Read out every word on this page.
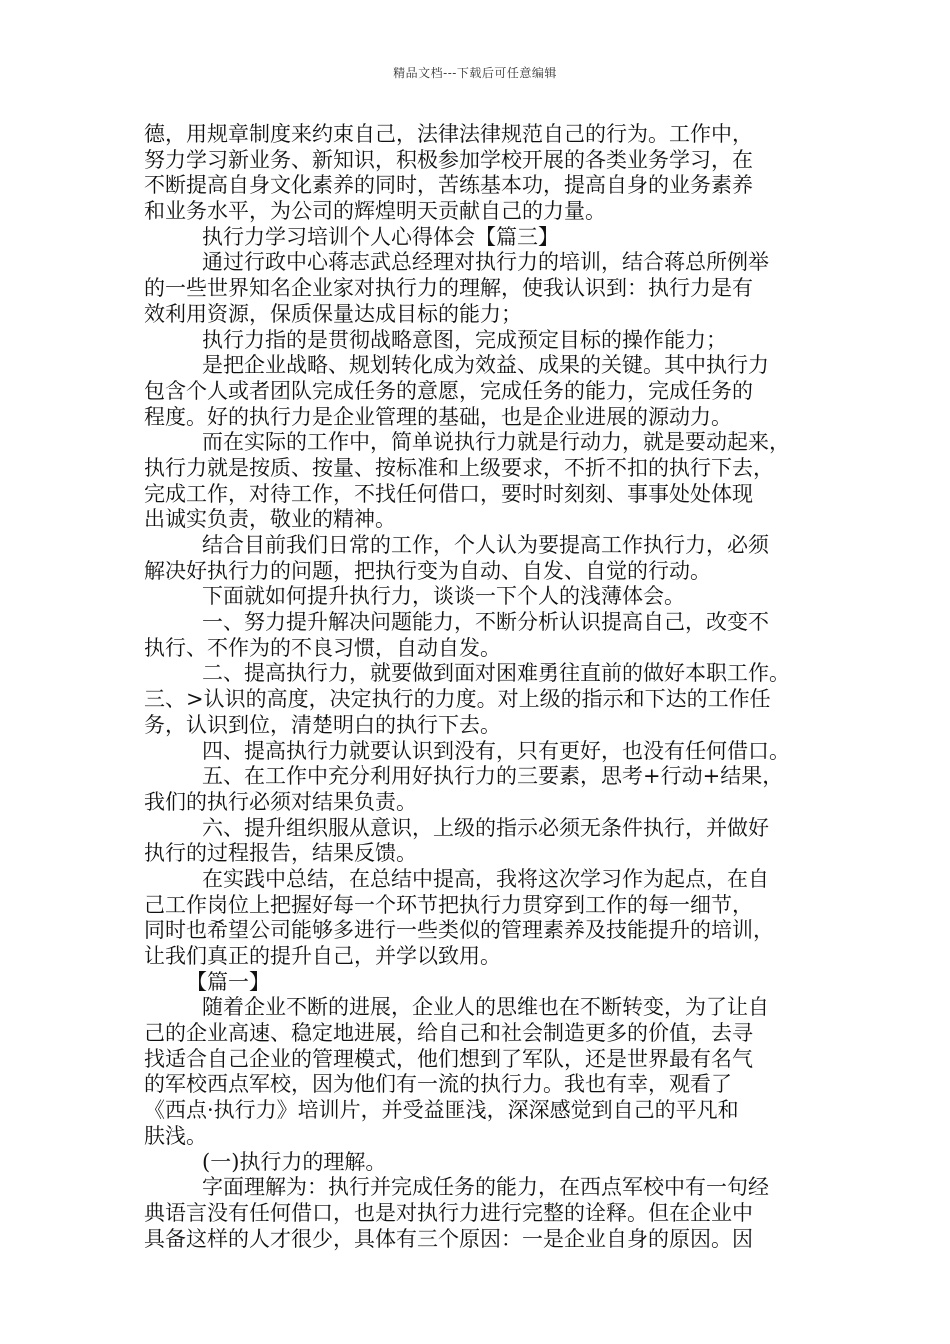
精品文档---下载后可任意编辑
德，用规章制度来约束自己，法律法律规范自己的行为。工作中，
努力学习新业务、新知识，积极参加学校开展的各类业务学习，在
不断提高自身文化素养的同时，苦练基本功，提高自身的业务素养
和业务水平，为公司的辉煌明天贡献自己的力量。
执行力学习培训个人心得体会【篇三】
通过行政中心蒋志武总经理对执行力的培训，结合蒋总所例举
的一些世界知名企业家对执行力的理解，使我认识到：执行力是有
效利用资源，保质保量达成目标的能力；
执行力指的是贯彻战略意图，完成预定目标的操作能力；
是把企业战略、规划转化成为效益、成果的关键。其中执行力
包含个人或者团队完成任务的意愿，完成任务的能力，完成任务的
程度。好的执行力是企业管理的基础，也是企业进展的源动力。
而在实际的工作中，简单说执行力就是行动力，就是要动起来，
执行力就是按质、按量、按标准和上级要求，不折不扣的执行下去，
完成工作，对待工作，不找任何借口，要时时刻刻、事事处处体现
出诚实负责，敬业的精神。
结合目前我们日常的工作，个人认为要提高工作执行力，必须
解决好执行力的问题，把执行变为自动、自发、自觉的行动。
下面就如何提升执行力，谈谈一下个人的浅薄体会。
一、努力提升解决问题能力，不断分析认识提高自己，改变不
执行、不作为的不良习惯，自动自发。
二、提高执行力，就要做到面对困难勇往直前的做好本职工作。
三、>认识的高度，决定执行的力度。对上级的指示和下达的工作任
务，认识到位，清楚明白的执行下去。
四、提高执行力就要认识到没有，只有更好，也没有任何借口。
五、在工作中充分利用好执行力的三要素，思考+行动+结果，
我们的执行必须对结果负责。
六、提升组织服从意识，上级的指示必须无条件执行，并做好
执行的过程报告，结果反馈。
在实践中总结，在总结中提高，我将这次学习作为起点，在自
己工作岗位上把握好每一个环节把执行力贯穿到工作的每一细节，
同时也希望公司能够多进行一些类似的管理素养及技能提升的培训，
让我们真正的提升自己，并学以致用。
【篇一】
随着企业不断的进展，企业人的思维也在不断转变，为了让自
己的企业高速、稳定地进展，给自己和社会制造更多的价值，去寻
找适合自己企业的管理模式，他们想到了军队，还是世界最有名气
的军校西点军校，因为他们有一流的执行力。我也有幸，观看了
《西点·执行力》培训片，并受益匪浅，深深感觉到自己的平凡和
肤浅。
(一)执行力的理解。
字面理解为：执行并完成任务的能力，在西点军校中有一句经
典语言没有任何借口，也是对执行力进行完整的诠释。但在企业中
具备这样的人才很少，具体有三个原因：一是企业自身的原因。因
